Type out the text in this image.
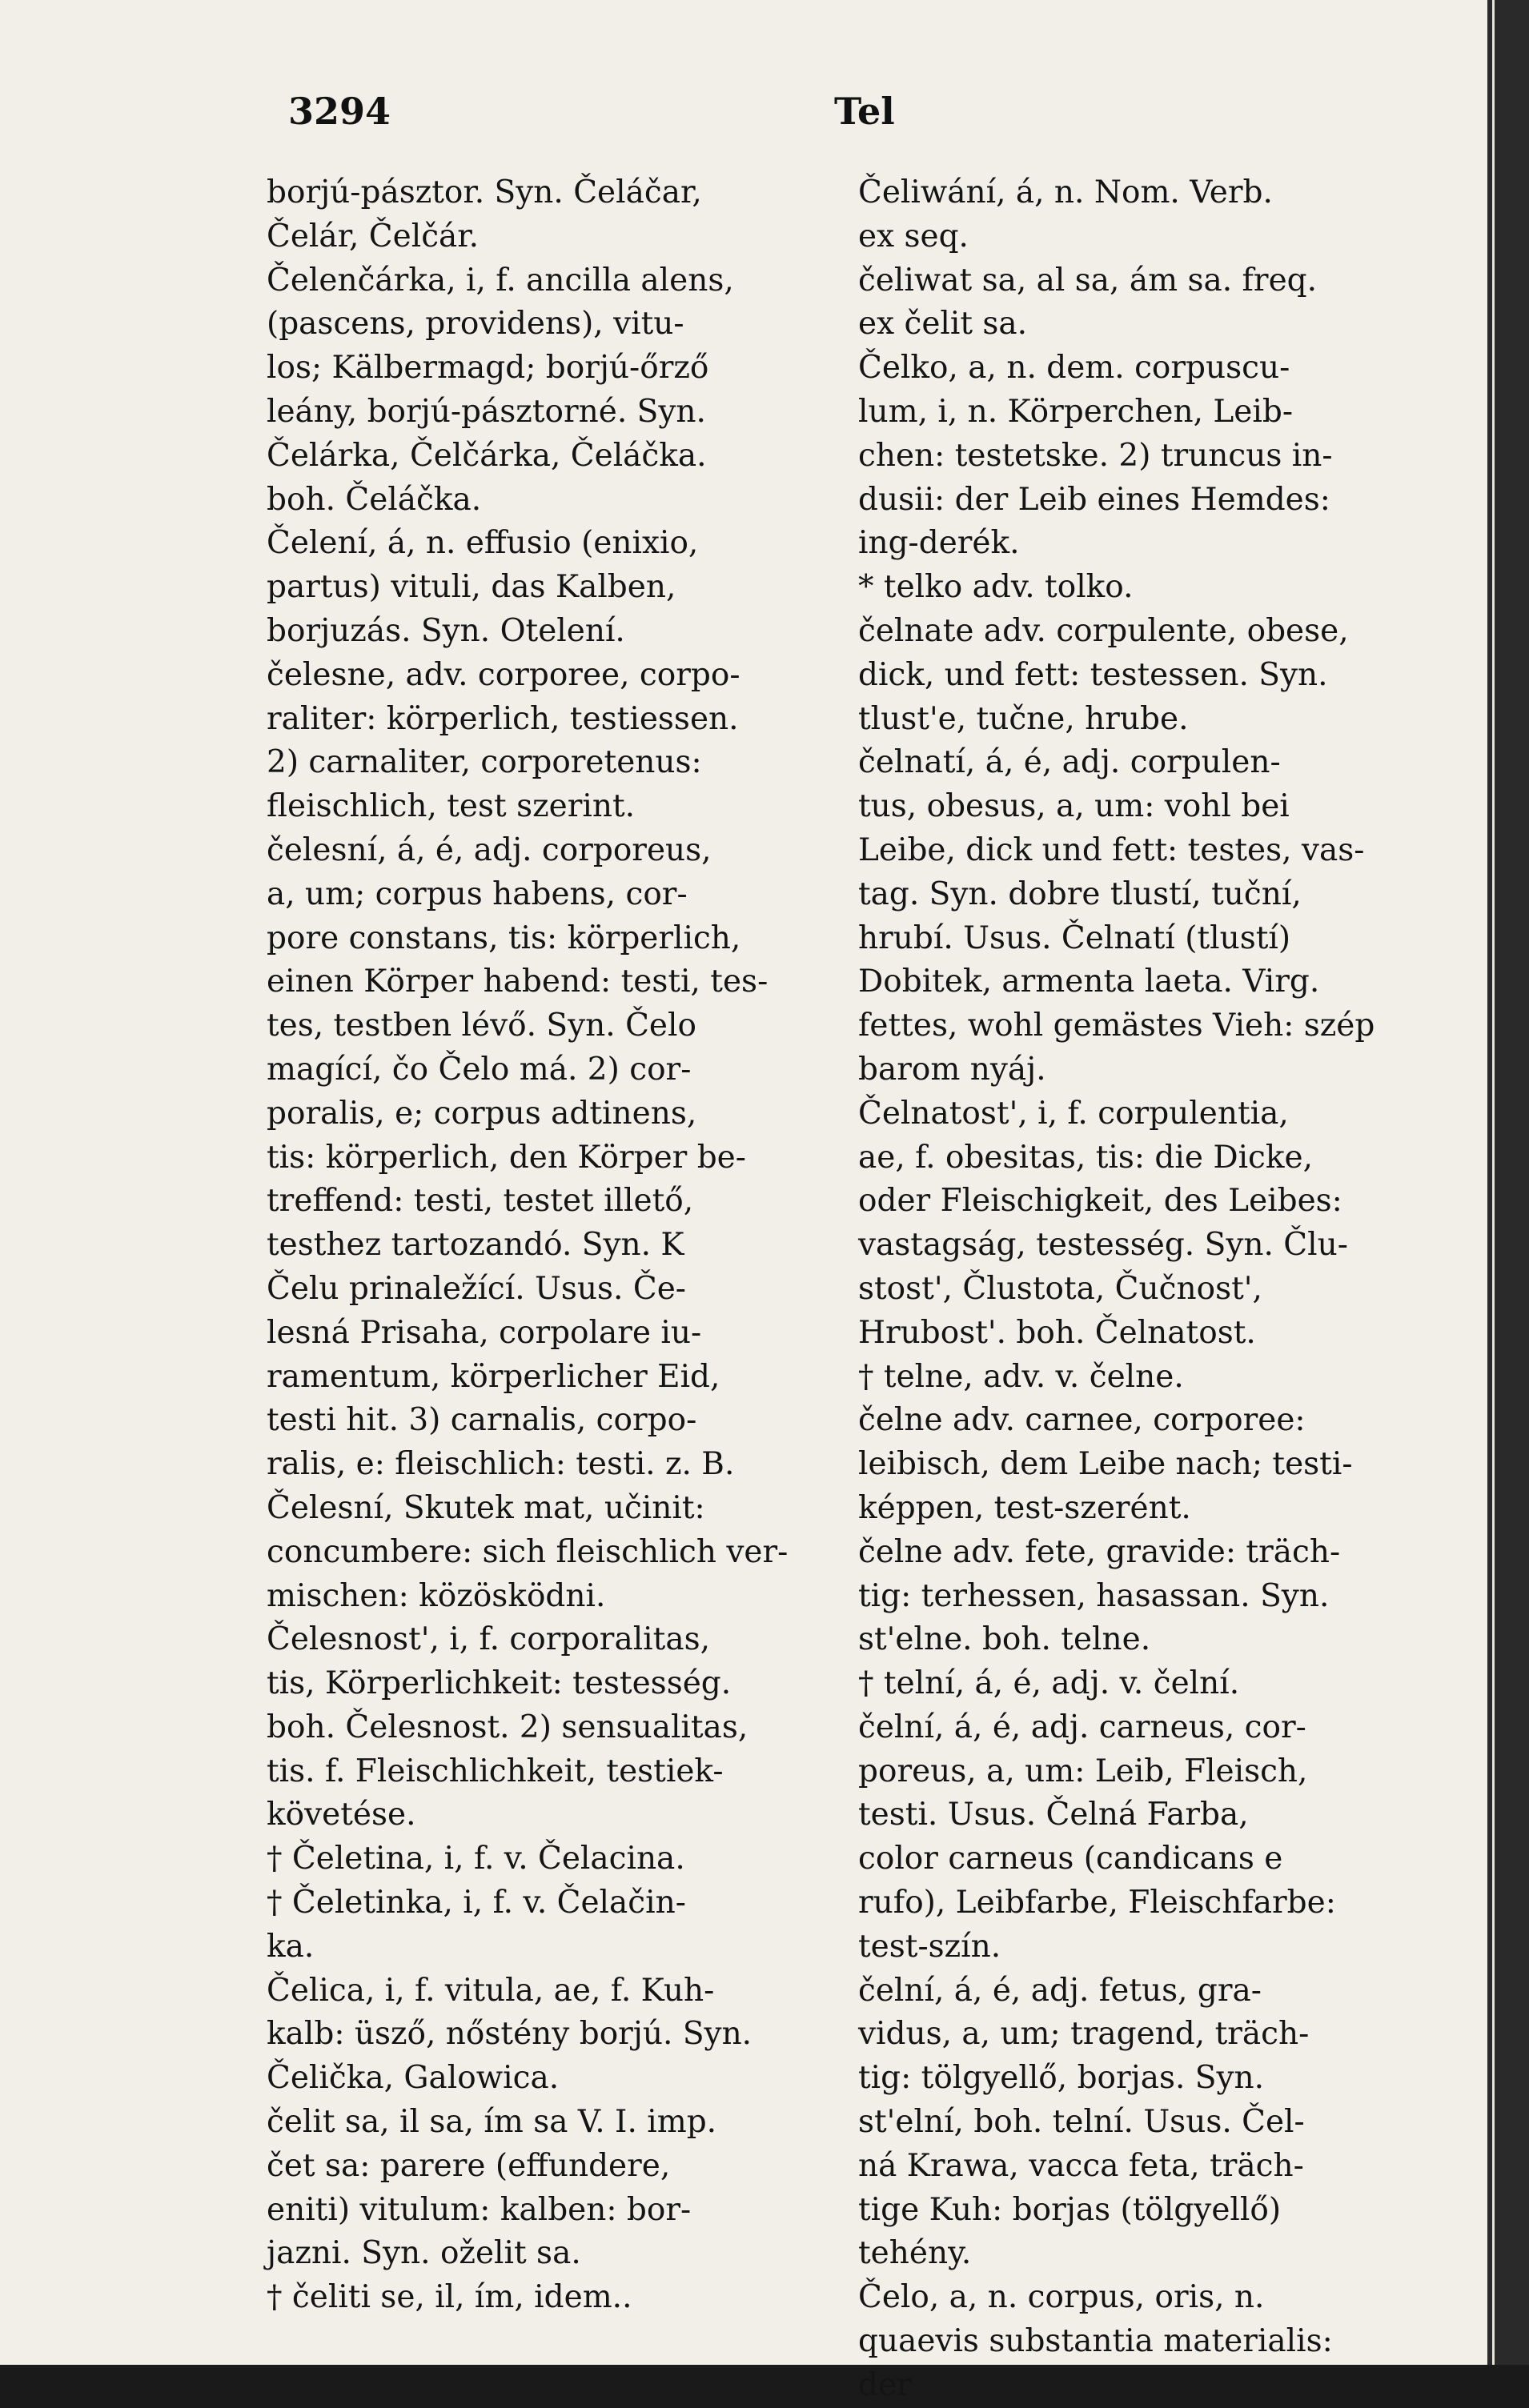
3294	Tel
borjú-pásztor. Syn. Čeláčar,
Čelár, Čelčár.
Čelenčárka, i, f. ancilla alens,
(pascens, providens), vitu-
los; Kälbermagd; borjú-őrző
leány, borjú-pásztorné. Syn.
Čelárka, Čelčárka, Čeláčka.
boh. Čeláčka.
Čelení, á, n. effusio (enixio,
partus) vituli, das Kalben,
borjuzás. Syn. Otelení.
čelesne, adv. corporee, corpo-
raliter: körperlich, testiessen.
2) carnaliter, corporetenus:
fleischlich, test szerint.
čelesní, á, é, adj. corporeus,
a, um; corpus habens, cor-
pore constans, tis: körperlich,
einen Körper habend: testi, tes-
tes, testben lévő. Syn. Čelo
magící, čo Čelo má. 2) cor-
poralis, e; corpus adtinens,
tis: körperlich, den Körper be-
treffend: testi, testet illető,
testhez tartozandó. Syn. K
Čelu prinaležící. Usus. Če-
lesná Prisaha, corpolare iu-
ramentum, körperlicher Eid,
testi hit. 3) carnalis, corpo-
ralis, e: fleischlich: testi. z. B.
Čelesní, Skutek mat, učinit:
concumbere: sich fleischlich ver-
mischen: közösködni.
Čelesnost', i, f. corporalitas,
tis, Körperlichkeit: testesség.
boh. Čelesnost. 2) sensualitas,
tis. f. Fleischlichkeit, testiek-
követése.
† Čeletina, i, f. v. Čelacina.
† Čeletinka, i, f. v. Čelačin-
ka.
Čelica, i, f. vitula, ae, f. Kuh-
kalb: üsző, nőstény borjú. Syn.
Čelička, Galowica.
čelit sa, il sa, ím sa V. I. imp.
čet sa: parere (effundere,
eniti) vitulum: kalben: bor-
jazni. Syn. oželit sa.
† čeliti se, il, ím, idem..
Čeliwání, á, n. Nom. Verb.
ex seq.
čeliwat sa, al sa, ám sa. freq.
ex čelit sa.
Čelko, a, n. dem. corpuscu-
lum, i, n. Körperchen, Leib-
chen: testetske. 2) truncus in-
dusii: der Leib eines Hemdes:
ing-derék.
* telko adv. tolko.
čelnate adv. corpulente, obese,
dick, und fett: testessen. Syn.
tlust'e, tučne, hrube.
čelnatí, á, é, adj. corpulen-
tus, obesus, a, um: vohl bei
Leibe, dick und fett: testes, vas-
tag. Syn. dobre tlustí, tuční,
hrubí. Usus. Čelnatí (tlustí)
Dobitek, armenta laeta. Virg.
fettes, wohl gemästes Vieh: szép
barom nyáj.
Čelnatost', i, f. corpulentia,
ae, f. obesitas, tis: die Dicke,
oder Fleischigkeit, des Leibes:
vastagság, testesség. Syn. Člu-
stost', Člustota, Čučnost',
Hrubost'. boh. Čelnatost.
† telne, adv. v. čelne.
čelne adv. carnee, corporee:
leibisch, dem Leibe nach; testi-
képpen, test-szerént.
čelne adv. fete, gravide: träch-
tig: terhessen, hasassan. Syn.
st'elne. boh. telne.
† telní, á, é, adj. v. čelní.
čelní, á, é, adj. carneus, cor-
poreus, a, um: Leib, Fleisch,
testi. Usus. Čelná Farba,
color carneus (candicans e
rufo), Leibfarbe, Fleischfarbe:
test-szín.
čelní, á, é, adj. fetus, gra-
vidus, a, um; tragend, träch-
tig: tölgyellő, borjas. Syn.
st'elní, boh. telní. Usus. Čel-
ná Krawa, vacca feta, träch-
tige Kuh: borjas (tölgyellő)
tehény.
Čelo, a, n. corpus, oris, n.
quaevis substantia materialis:
der
